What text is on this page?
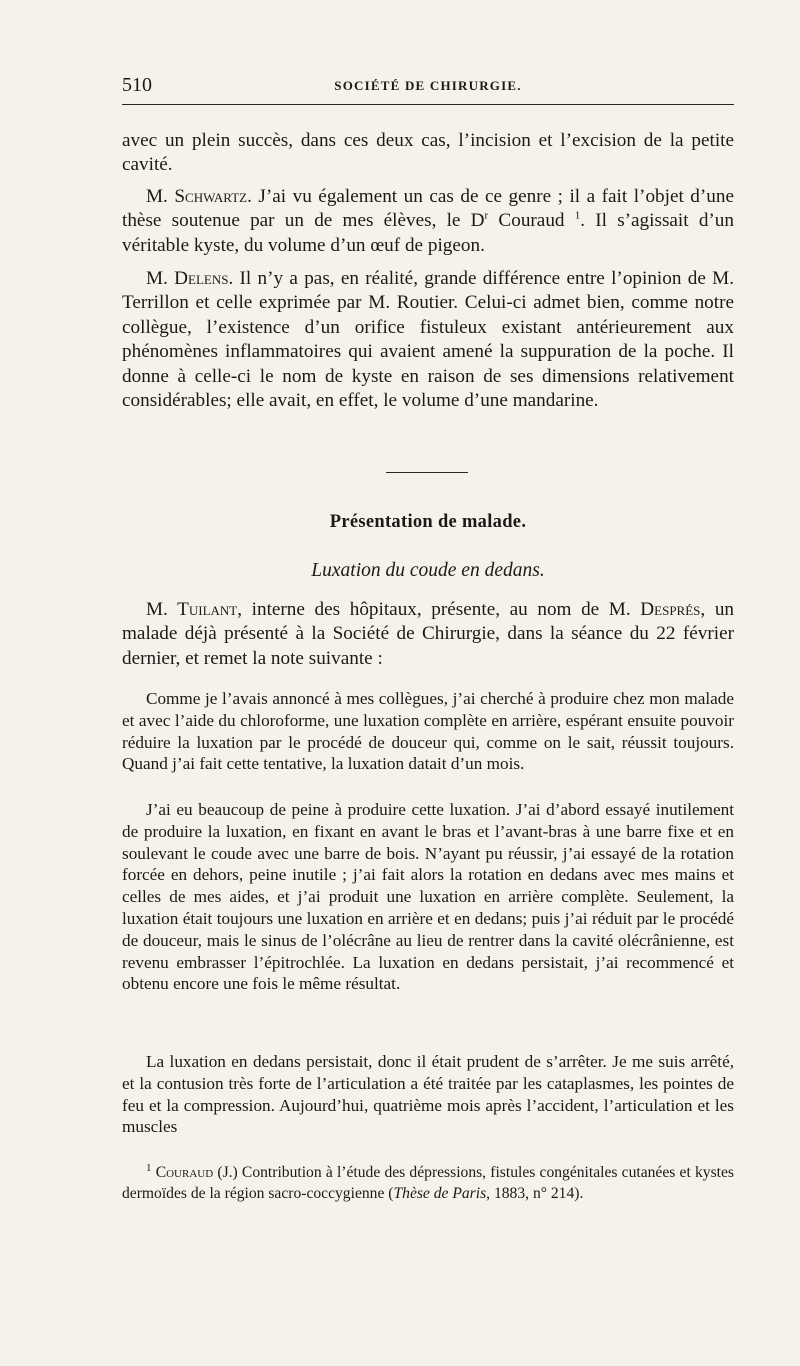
510	SOCIÉTÉ DE CHIRURGIE.

avec un plein succès, dans ces deux cas, l’incision et l’excision de la petite cavité.

M. Schwartz. J’ai vu également un cas de ce genre ; il a fait l’objet d’une thèse soutenue par un de mes élèves, le $D^r$ Couraud $^1$. Il s’agissait d’un véritable kyste, du volume d’un œuf de pigeon.

M. Delens. Il n’y a pas, en réalité, grande différence entre l’opinion de M. Terrillon et celle exprimée par M. Routier. Celui-ci admet bien, comme notre collègue, l’existence d’un orifice fistuleux existant antérieurement aux phénomènes inflammatoires qui avaient amené la suppuration de la poche. Il donne à celle-ci le nom de kyste en raison de ses dimensions relativement considérables; elle avait, en effet, le volume d’une mandarine.

Présentation de malade.
Luxation du coude en dedans.

M. Tuilant, interne des hôpitaux, présente, au nom de M. Després, un malade déjà présenté à la Société de Chirurgie, dans la séance du 22 février dernier, et remet la note suivante :

Comme je l’avais annoncé à mes collègues, j’ai cherché à produire chez mon malade et avec l’aide du chloroforme, une luxation complète en arrière, espérant ensuite pouvoir réduire la luxation par le procédé de douceur qui, comme on le sait, réussit toujours. Quand j’ai fait cette tentative, la luxation datait d’un mois.

J’ai eu beaucoup de peine à produire cette luxation. J’ai d’abord essayé inutilement de produire la luxation, en fixant en avant le bras et l’avant-bras à une barre fixe et en soulevant le coude avec une barre de bois. N’ayant pu réussir, j’ai essayé de la rotation forcée en dehors, peine inutile ; j’ai fait alors la rotation en dedans avec mes mains et celles de mes aides, et j’ai produit une luxation en arrière complète. Seulement, la luxation était toujours une luxation en arrière et en dedans; puis j’ai réduit par le procédé de douceur, mais le sinus de l’olécrâne au lieu de rentrer dans la cavité olécrânienne, est revenu embrasser l’épitrochlée. La luxation en dedans persistait, j’ai recommencé et obtenu encore une fois le même résultat.

La luxation en dedans persistait, donc il était prudent de s’arrêter. Je me suis arrêté, et la contusion très forte de l’articulation a été traitée par les cataplasmes, les pointes de feu et la compression. Aujourd’hui, quatrième mois après l’accident, l’articulation et les muscles

$^1$ Couraud (J.) Contribution à l’étude des dépressions, fistules congénitales cutanées et kystes dermoïdes de la région sacro-coccygienne (Thèse de Paris, 1883, n° 214).
